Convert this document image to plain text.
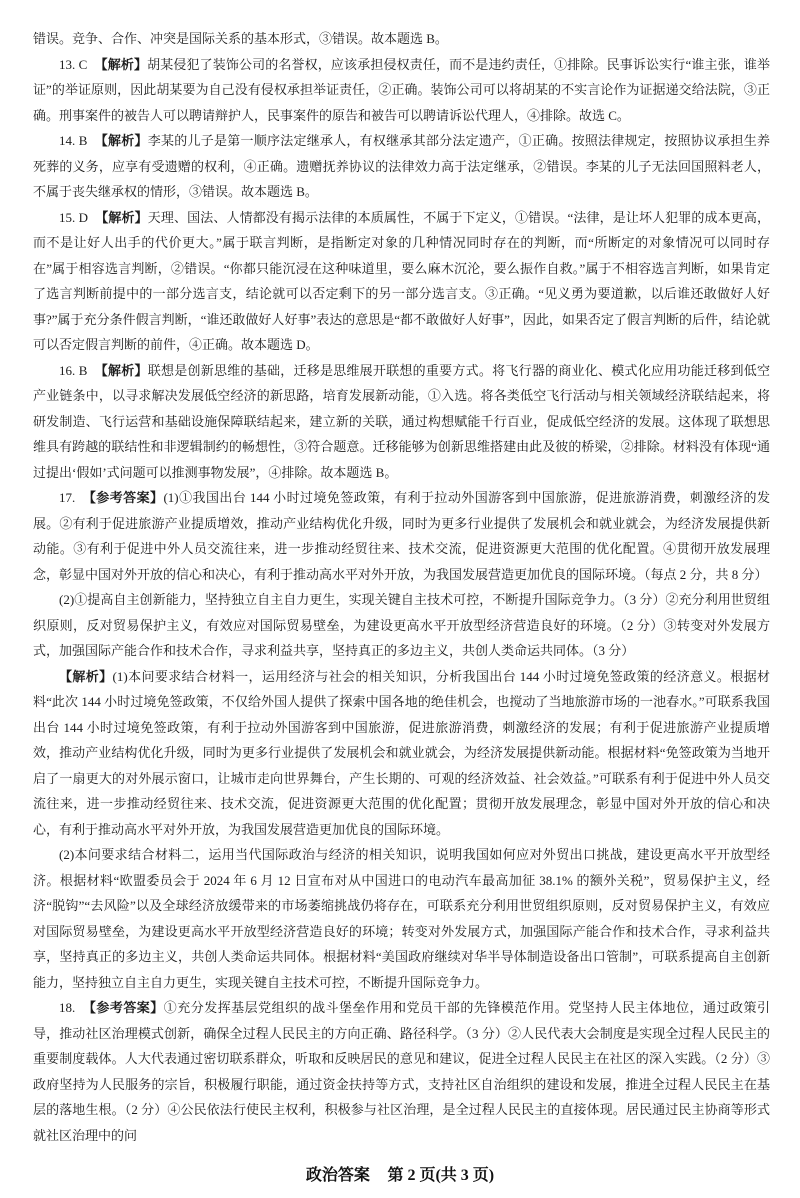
错误。竞争、合作、冲突是国际关系的基本形式，③错误。故本题选 B。

13. C 【解析】胡某侵犯了装饰公司的名誉权，应该承担侵权责任，而不是违约责任，①排除。民事诉讼实行“谁主张，谁举证”的举证原则，因此胡某要为自己没有侵权承担举证责任，②正确。装饰公司可以将胡某的不实言论作为证据递交给法院，③正确。刑事案件的被告人可以聘请辩护人，民事案件的原告和被告可以聘请诉讼代理人，④排除。故选 C。

14. B 【解析】李某的儿子是第一顺序法定继承人，有权继承其部分法定遗产，①正确。按照法律规定，按照协议承担生养死葬的义务，应享有受遗赠的权利，④正确。遗赠抚养协议的法律效力高于法定继承，②错误。李某的儿子无法回国照料老人，不属于丧失继承权的情形，③错误。故本题选 B。

15. D 【解析】天理、国法、人情都没有揭示法律的本质属性，不属于下定义，①错误。“法律，是让坏人犯罪的成本更高，而不是让好人出手的代价更大。”属于联言判断，是指断定对象的几种情况同时存在的判断，而“所断定的对象情况可以同时存在”属于相容选言判断，②错误。“你都只能沉浸在这种味道里，要么麻木沉沦，要么振作自救。”属于不相容选言判断，如果肯定了选言判断前提中的一部分选言支，结论就可以否定剩下的另一部分选言支。③正确。“见义勇为要道歉，以后谁还敢做好人好事?”属于充分条件假言判断，“谁还敢做好人好事”表达的意思是“都不敢做好人好事”，因此，如果否定了假言判断的后件，结论就可以否定假言判断的前件，④正确。故本题选 D。

16. B 【解析】联想是创新思维的基础，迁移是思维展开联想的重要方式。将飞行器的商业化、模式化应用功能迁移到低空产业链条中，以寻求解决发展低空经济的新思路，培育发展新动能，①入选。将各类低空飞行活动与相关领域经济联结起来，将研发制造、飞行运营和基础设施保障联结起来，建立新的关联，通过构想赋能千行百业，促成低空经济的发展。这体现了联想思维具有跨越的联结性和非逻辑制约的畅想性，③符合题意。迁移能够为创新思维搭建由此及彼的桥梁，②排除。材料没有体现“通过提出‘假如’式问题可以推测事物发展”，④排除。故本题选 B。

17. 【参考答案】(1)①我国出台 144 小时过境免签政策，有利于拉动外国游客到中国旅游，促进旅游消费，刺激经济的发展。②有利于促进旅游产业提质增效，推动产业结构优化升级，同时为更多行业提供了发展机会和就业就会，为经济发展提供新动能。③有利于促进中外人员交流往来，进一步推动经贸往来、技术交流，促进资源更大范围的优化配置。④贯彻开放发展理念，彰显中国对外开放的信心和决心，有利于推动高水平对外开放，为我国发展营造更加优良的国际环境。（每点 2 分，共 8 分）

(2)①提高自主创新能力，坚持独立自主自力更生，实现关键自主技术可控，不断提升国际竞争力。（3 分）②充分利用世贸组织原则，反对贸易保护主义，有效应对国际贸易壁垒，为建设更高水平开放型经济营造良好的环境。（2 分）③转变对外发展方式，加强国际产能合作和技术合作，寻求利益共享，坚持真正的多边主义，共创人类命运共同体。（3 分）

【解析】(1)本问要求结合材料一，运用经济与社会的相关知识，分析我国出台 144 小时过境免签政策的经济意义。根据材料“此次 144 小时过境免签政策，不仅给外国人提供了探索中国各地的绝佳机会，也搅动了当地旅游市场的一池春水。”可联系我国出台 144 小时过境免签政策，有利于拉动外国游客到中国旅游，促进旅游消费，刺激经济的发展；有利于促进旅游产业提质增效，推动产业结构优化升级，同时为更多行业提供了发展机会和就业就会，为经济发展提供新动能。根据材料“免签政策为当地开启了一扇更大的对外展示窗口，让城市走向世界舞台，产生长期的、可观的经济效益、社会效益。”可联系有利于促进中外人员交流往来，进一步推动经贸往来、技术交流，促进资源更大范围的优化配置；贯彻开放发展理念，彰显中国对外开放的信心和决心，有利于推动高水平对外开放，为我国发展营造更加优良的国际环境。

(2)本问要求结合材料二，运用当代国际政治与经济的相关知识，说明我国如何应对外贸出口挑战，建设更高水平开放型经济。根据材料“欧盟委员会于 2024 年 6 月 12 日宣布对从中国进口的电动汽车最高加征 38.1% 的额外关税”，贸易保护主义，经济“脱钩”“去风险”以及全球经济放缓带来的市场萎缩挑战仍将存在，可联系充分利用世贸组织原则，反对贸易保护主义，有效应对国际贸易壁垒，为建设更高水平开放型经济营造良好的环境；转变对外发展方式，加强国际产能合作和技术合作，寻求利益共享，坚持真正的多边主义，共创人类命运共同体。根据材料“美国政府继续对华半导体制造设备出口管制”，可联系提高自主创新能力，坚持独立自主自力更生，实现关键自主技术可控，不断提升国际竞争力。

18. 【参考答案】①充分发挥基层党组织的战斗堡垒作用和党员干部的先锋模范作用。党坚持人民主体地位，通过政策引导，推动社区治理模式创新，确保全过程人民民主的方向正确、路径科学。（3 分）②人民代表大会制度是实现全过程人民民主的重要制度载体。人大代表通过密切联系群众，听取和反映居民的意见和建议，促进全过程人民民主在社区的深入实践。（2 分）③政府坚持为人民服务的宗旨，积极履行职能，通过资金扶持等方式，支持社区自治组织的建设和发展，推进全过程人民民主在基层的落地生根。（2 分）④公民依法行使民主权利，积极参与社区治理，是全过程人民民主的直接体现。居民通过民主协商等形式就社区治理中的问

政治答案 第 2 页(共 3 页)
